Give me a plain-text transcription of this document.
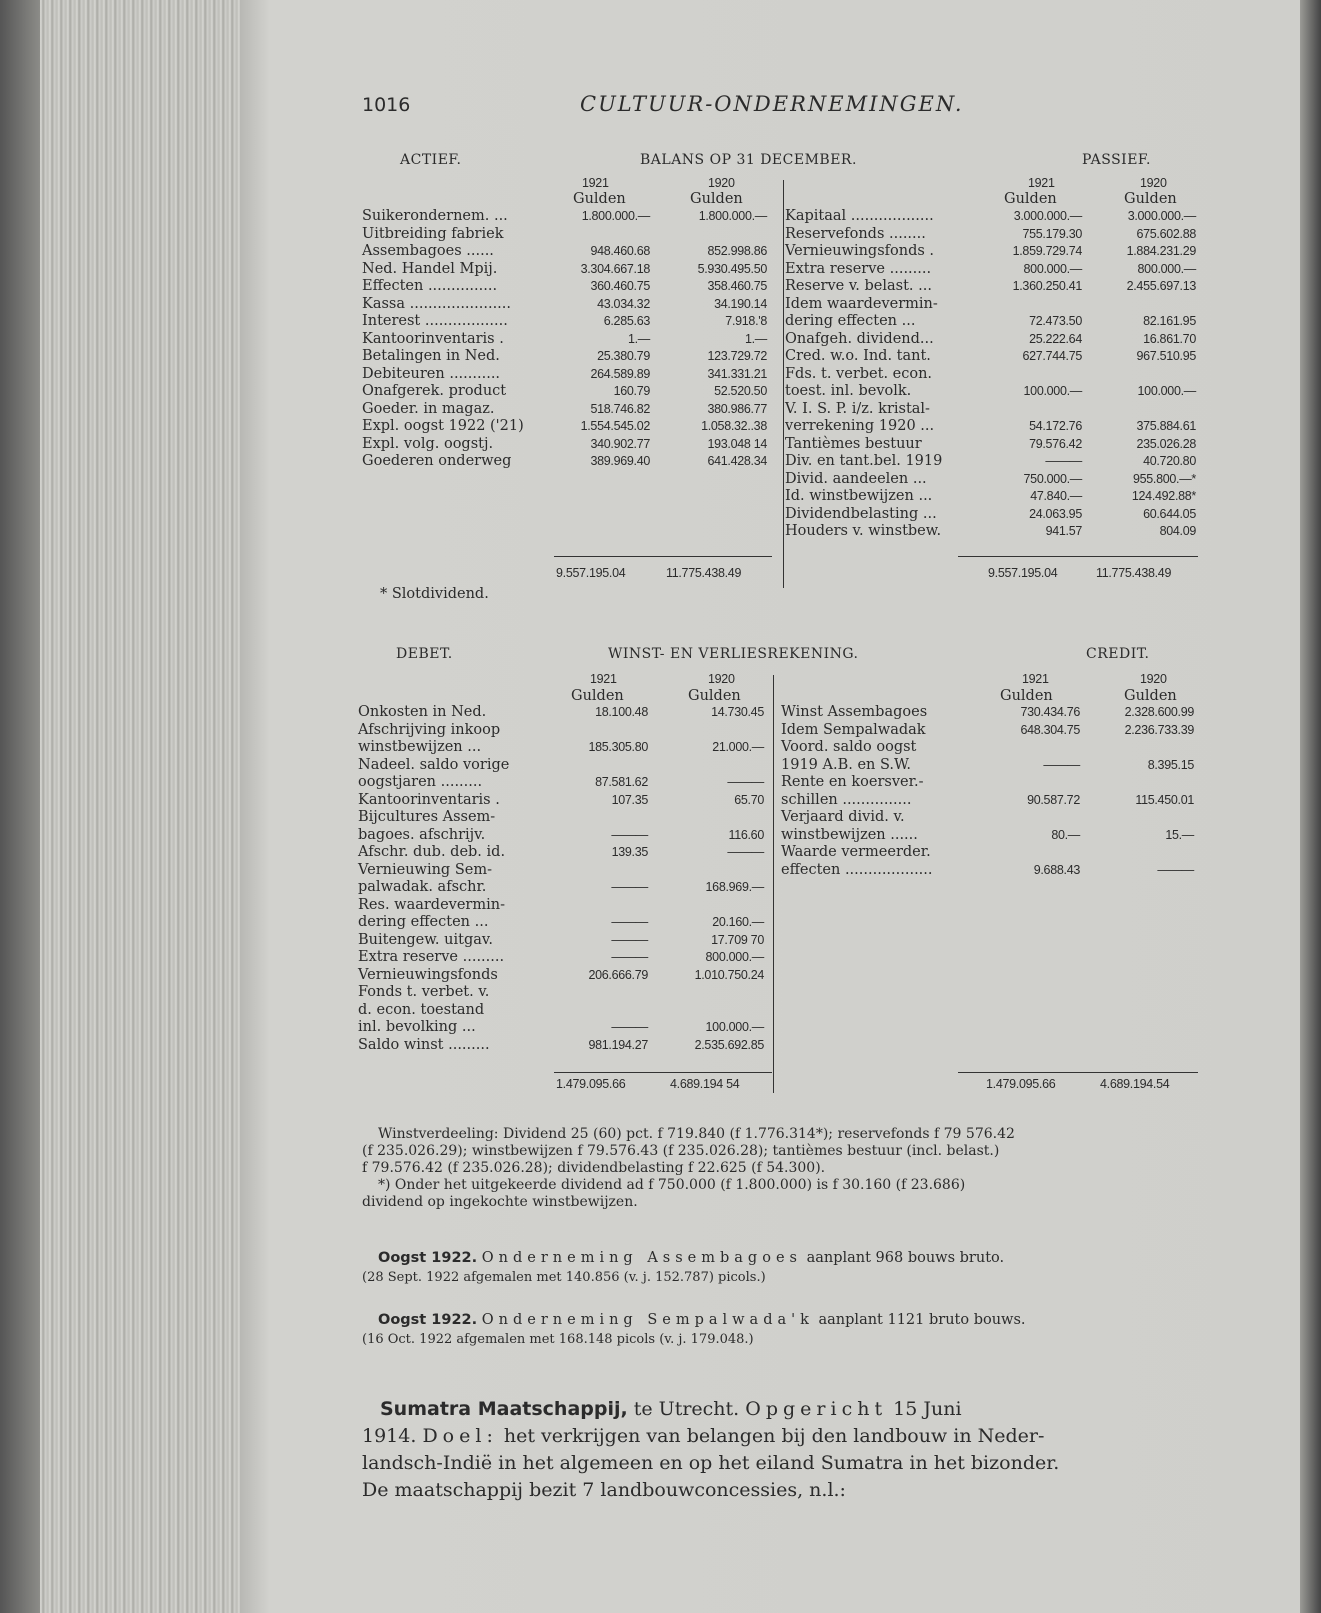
1016	CULTUUR-ONDERNEMINGEN.
ACTIEF.	BALANS OP 31 DECEMBER.	PASSIEF.
1921	1920
Gulden	Gulden
1921	1920
Gulden	Gulden
Suikerondernem. ...	1.800.000.—	1.800.000.—
Uitbreiding fabriek
Assembagoes ......	948.460.68	852.998.86
Ned. Handel Mpij.	3.304.667.18	5.930.495.50
Effecten ...............	360.460.75	358.460.75
Kassa ......................	43.034.32	34.190.14
Interest ..................	6.285.63	7.918.'8
Kantoorinventaris .	1.—	1.—
Betalingen in Ned.	25.380.79	123.729.72
Debiteuren ...........	264.589.89	341.331.21
Onafgerek. product	160.79	52.520.50
Goeder. in magaz.	518.746.82	380.986.77
Expl. oogst 1922 ('21)	1.554.545.02	1.058.32..38
Expl. volg. oogstj.	340.902.77	193.048 14
Goederen onderweg	389.969.40	641.428.34
Kapitaal ..................	3.000.000.—	3.000.000.—
Reservefonds ........	755.179.30	675.602.88
Vernieuwingsfonds .	1.859.729.74	1.884.231.29
Extra reserve .........	800.000.—	800.000.—
Reserve v. belast. ...	1.360.250.41	2.455.697.13
Idem waardevermin-
dering effecten ...	72.473.50	82.161.95
Onafgeh. dividend...	25.222.64	16.861.70
Cred. w.o. Ind. tant.	627.744.75	967.510.95
Fds. t. verbet. econ.
toest. inl. bevolk.	100.000.—	100.000.—
V. I. S. P. i/z. kristal-
verrekening 1920 ...	54.172.76	375.884.61
Tantièmes bestuur	79.576.42	235.026.28
Div. en tant.bel. 1919	———	40.720.80
Divid. aandeelen ...	750.000.—	955.800.—*
Id. winstbewijzen ...	47.840.—	124.492.88*
Dividendbelasting ...	24.063.95	60.644.05
Houders v. winstbew.	941.57	804.09
9.557.195.04	11.775.438.49	9.557.195.04	11.775.438.49
* Slotdividend.
DEBET.	WINST- EN VERLIESREKENING.	CREDIT.
1921	1920
Gulden	Gulden
1921	1920
Gulden	Gulden
Onkosten in Ned.	18.100.48	14.730.45
Afschrijving inkoop
winstbewijzen ...	185.305.80	21.000.—
Nadeel. saldo vorige
oogstjaren .........	87.581.62	———
Kantoorinventaris .	107.35	65.70
Bijcultures Assem-
bagoes. afschrijv.	———	116.60
Afschr. dub. deb. id.	139.35	———
Vernieuwing Sem-
palwadak. afschr.	———	168.969.—
Res. waardevermin-
dering effecten ...	———	20.160.—
Buitengew. uitgav.	———	17.709 70
Extra reserve .........	———	800.000.—
Vernieuwingsfonds	206.666.79	1.010.750.24
Fonds t. verbet. v.
d. econ. toestand
inl. bevolking ...	———	100.000.—
Saldo winst .........	981.194.27	2.535.692.85
Winst Assembagoes	730.434.76	2.328.600.99
Idem Sempalwadak	648.304.75	2.236.733.39
Voord. saldo oogst
1919 A.B. en S.W.	———	8.395.15
Rente en koersver.-
schillen ...............	90.587.72	115.450.01
Verjaard divid. v.
winstbewijzen ......	80.—	15.—
Waarde vermeerder.
effecten ...................	9.688.43	———
1.479.095.66	4.689.194 54	1.479.095.66	4.689.194.54
Winstverdeeling: Dividend 25 (60) pct. f 719.840 (f 1.776.314*); reservefonds f 79 576.42
(f 235.026.29); winstbewijzen f 79.576.43 (f 235.026.28); tantièmes bestuur (incl. belast.)
f 79.576.42 (f 235.026.28); dividendbelasting f 22.625 (f 54.300).
*) Onder het uitgekeerde dividend ad f 750.000 (f 1.800.000) is f 30.160 (f 23.686)
dividend op ingekochte winstbewijzen.
Oogst 1922. Onderneming Assembagoes aanplant 968 bouws bruto.
(28 Sept. 1922 afgemalen met 140.856 (v. j. 152.787) picols.)
Oogst 1922. Onderneming Sempalwada'k aanplant 1121 bruto bouws.
(16 Oct. 1922 afgemalen met 168.148 picols (v. j. 179.048.)
Sumatra Maatschappij, te Utrecht. Opgericht 15 Juni
1914. Doel: het verkrijgen van belangen bij den landbouw in Neder-
landsch-Indië in het algemeen en op het eiland Sumatra in het bizonder.
De maatschappij bezit 7 landbouwconcessies, n.l.:
